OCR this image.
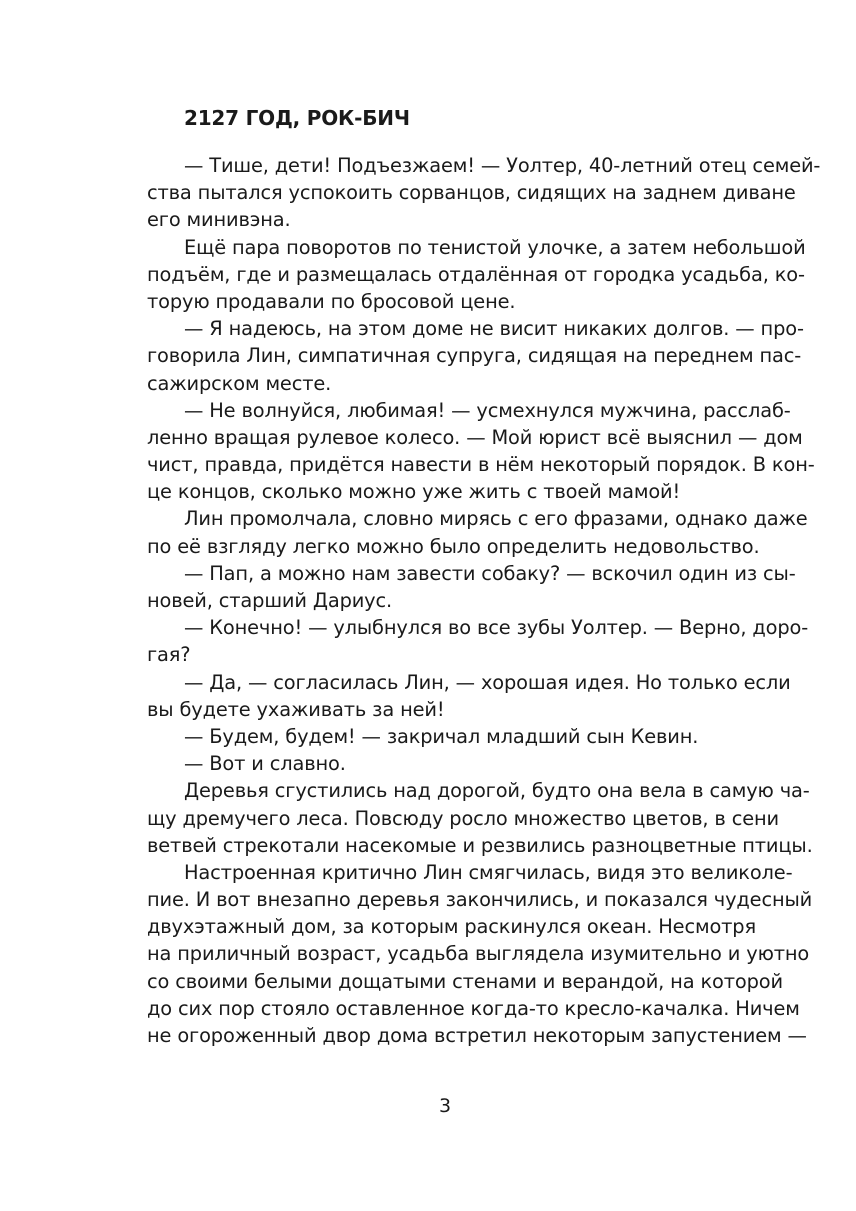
2127 ГОД, РОК-БИЧ
— Тише, дети! Подъезжаем! — Уолтер, 40-летний отец семей-
ства пытался успокоить сорванцов, сидящих на заднем диване
его минивэна.
Ещё пара поворотов по тенистой улочке, а затем небольшой
подъём, где и размещалась отдалённая от городка усадьба, ко-
торую продавали по бросовой цене.
— Я надеюсь, на этом доме не висит никаких долгов. — про-
говорила Лин, симпатичная супруга, сидящая на переднем пас-
сажирском месте.
— Не волнуйся, любимая! — усмехнулся мужчина, расслаб-
ленно вращая рулевое колесо. — Мой юрист всё выяснил — дом
чист, правда, придётся навести в нём некоторый порядок. В кон-
це концов, сколько можно уже жить с твоей мамой!
Лин промолчала, словно мирясь с его фразами, однако даже
по её взгляду легко можно было определить недовольство.
— Пап, а можно нам завести собаку? — вскочил один из сы-
новей, старший Дариус.
— Конечно! — улыбнулся во все зубы Уолтер. — Верно, доро-
гая?
— Да, — согласилась Лин, — хорошая идея. Но только если
вы будете ухаживать за ней!
— Будем, будем! — закричал младший сын Кевин.
— Вот и славно.
Деревья сгустились над дорогой, будто она вела в самую ча-
щу дремучего леса. Повсюду росло множество цветов, в сени
ветвей стрекотали насекомые и резвились разноцветные птицы.
Настроенная критично Лин смягчилась, видя это великоле-
пие. И вот внезапно деревья закончились, и показался чудесный
двухэтажный дом, за которым раскинулся океан. Несмотря
на приличный возраст, усадьба выглядела изумительно и уютно
со своими белыми дощатыми стенами и верандой, на которой
до сих пор стояло оставленное когда-то кресло-качалка. Ничем
не огороженный двор дома встретил некоторым запустением —
3
